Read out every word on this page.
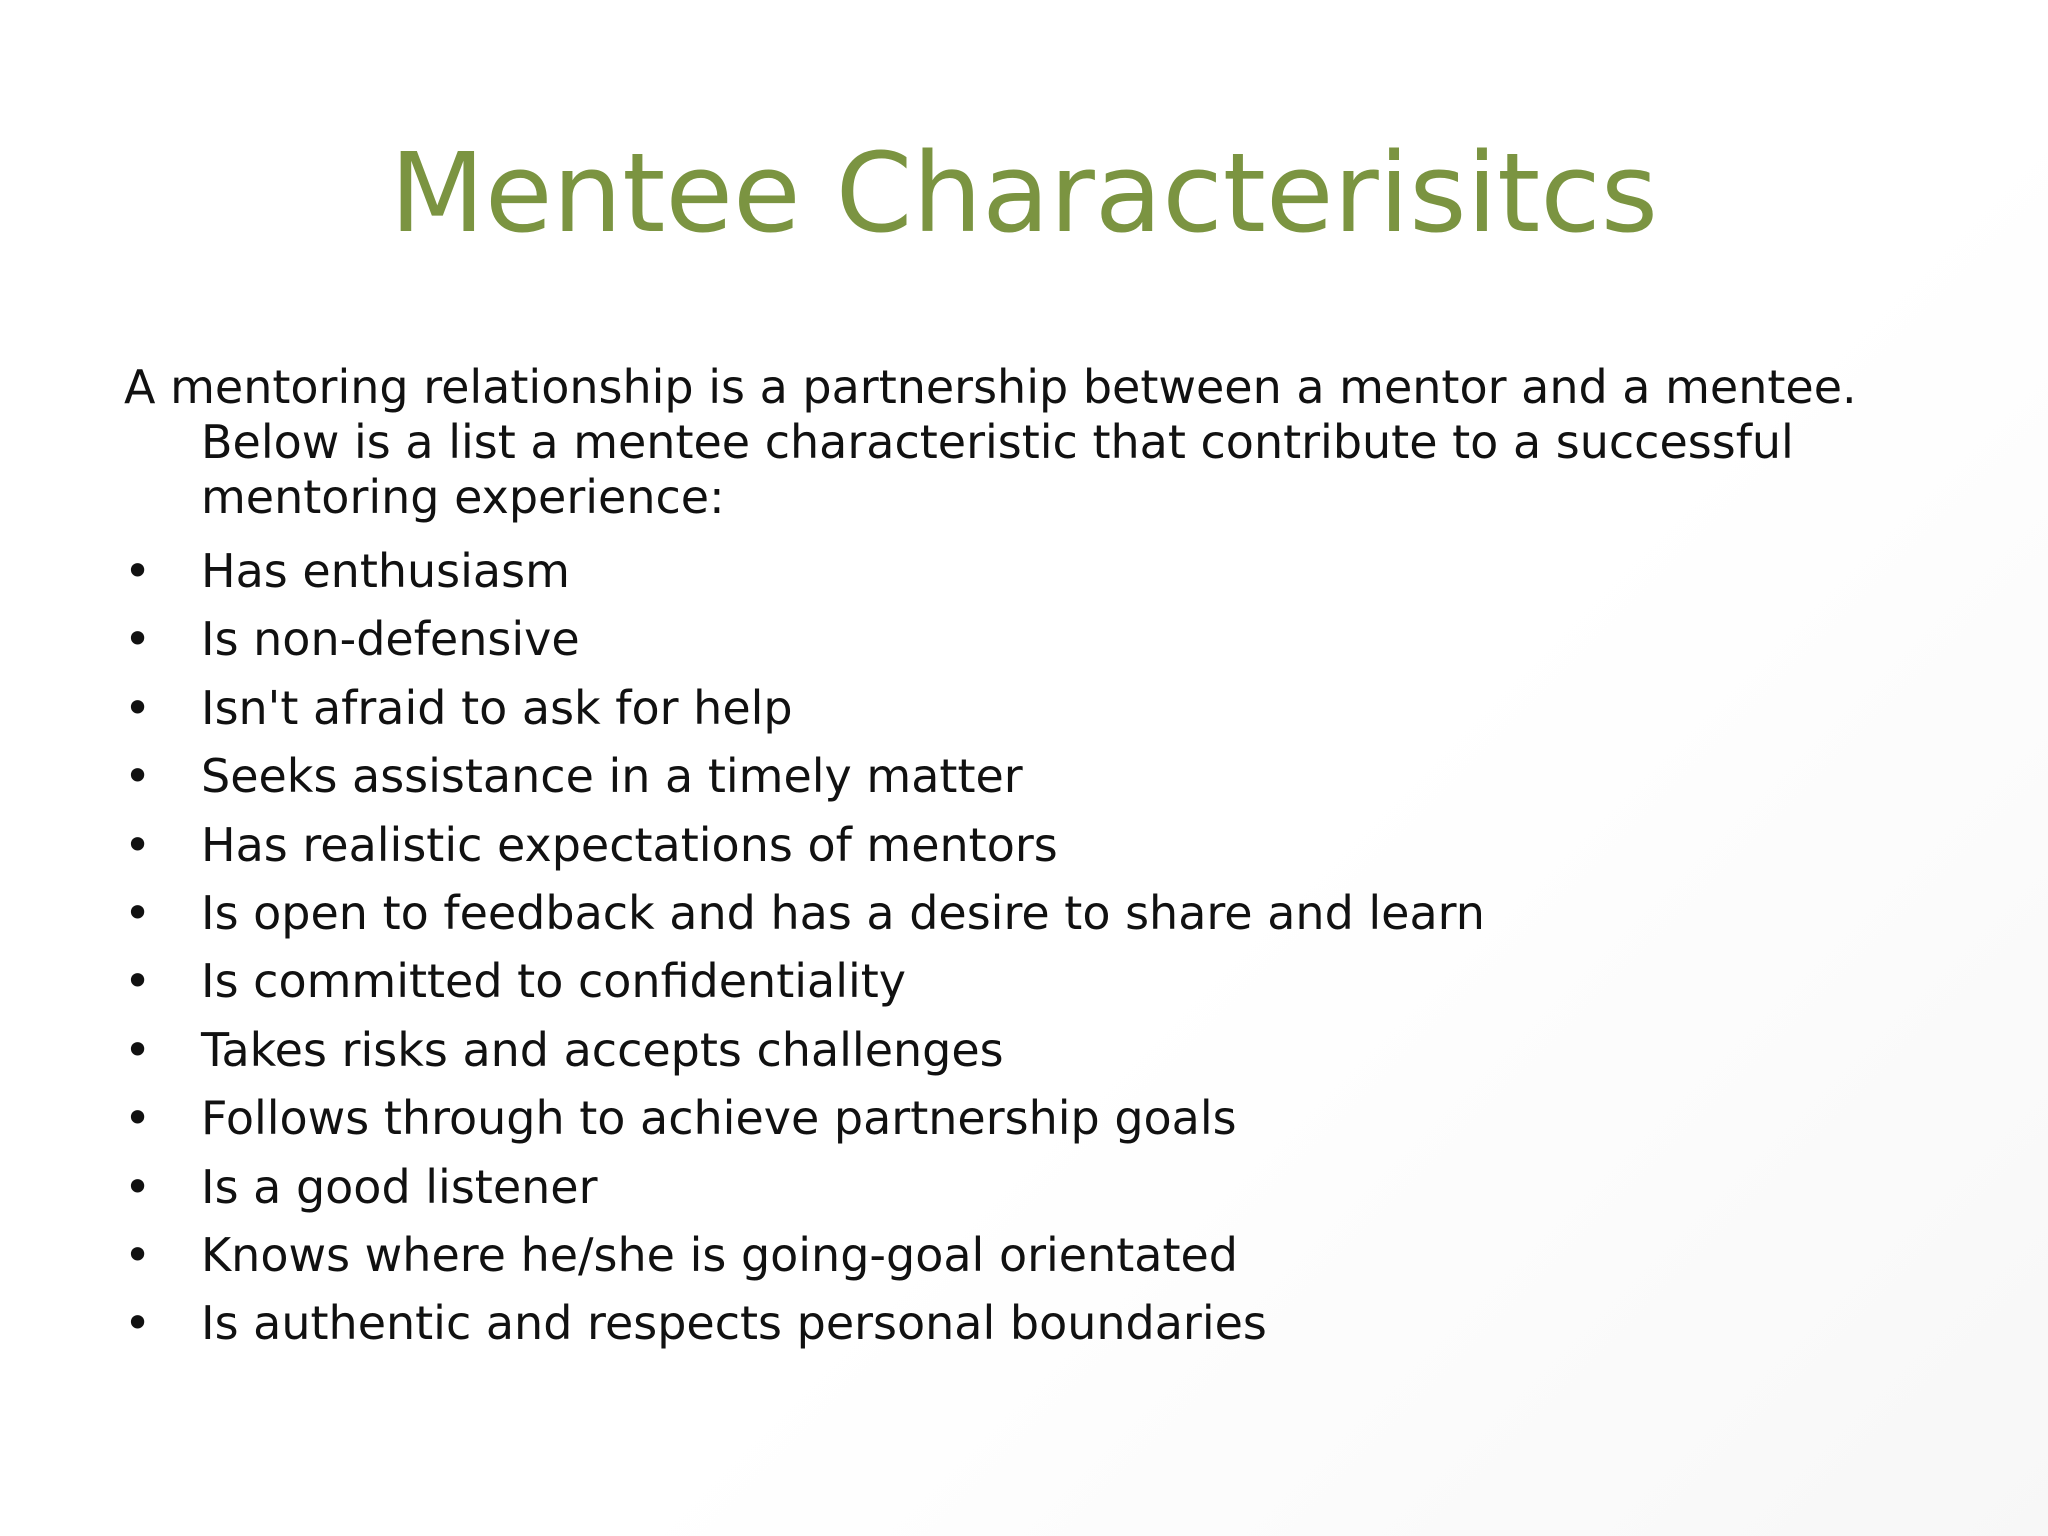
Mentee Characterisitcs

A mentoring relationship is a partnership between a mentor and a mentee. Below is a list a mentee characteristic that contribute to a successful mentoring experience:

• Has enthusiasm
• Is non-defensive
• Isn't afraid to ask for help
• Seeks assistance in a timely matter
• Has realistic expectations of mentors
• Is open to feedback and has a desire to share and learn
• Is committed to confidentiality
• Takes risks and accepts challenges
• Follows through to achieve partnership goals
• Is a good listener
• Knows where he/she is going-goal orientated
• Is authentic and respects personal boundaries
